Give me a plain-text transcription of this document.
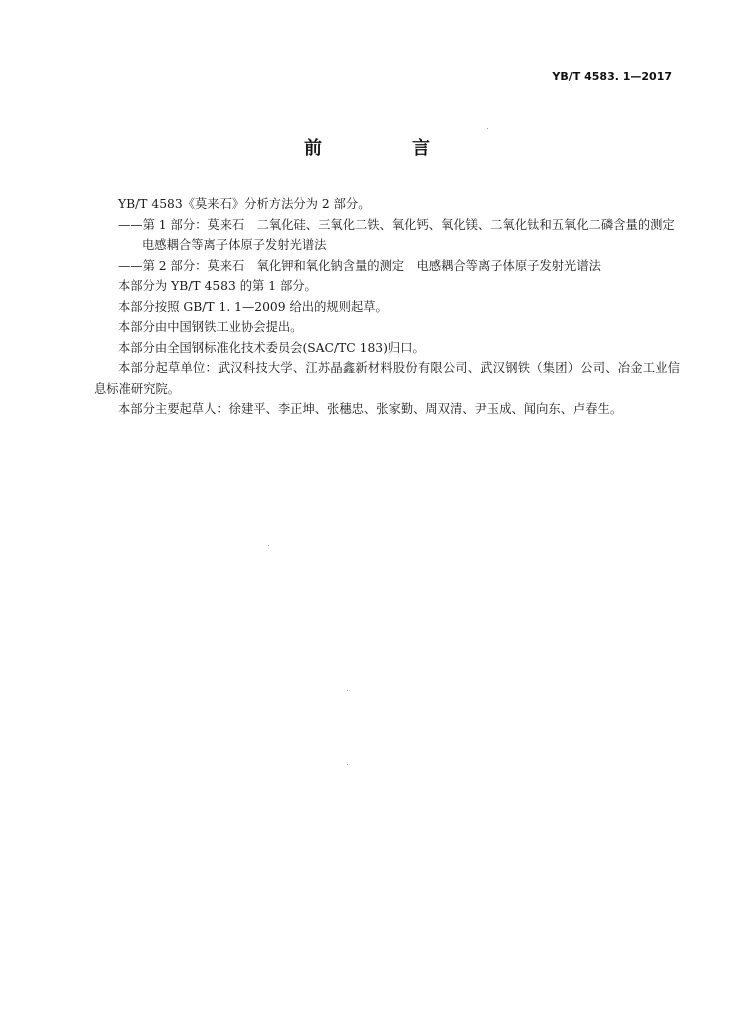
YB/T 4583. 1—2017
前　言

YB/T 4583《莫来石》分析方法分为 2 部分。

——第 1 部分：莫来石　二氧化硅、三氧化二铁、氧化钙、氧化镁、二氧化钛和五氧化二磷含量的测定

电感耦合等离子体原子发射光谱法

——第 2 部分：莫来石　氧化钾和氧化钠含量的测定　电感耦合等离子体原子发射光谱法

本部分为 YB/T 4583 的第 1 部分。

本部分按照 GB/T 1. 1—2009 给出的规则起草。

本部分由中国钢铁工业协会提出。

本部分由全国钢标准化技术委员会(SAC/TC 183)归口。

本部分起草单位：武汉科技大学、江苏晶鑫新材料股份有限公司、武汉钢铁（集团）公司、冶金工业信息标准研究院。

本部分主要起草人：徐建平、李正坤、张穗忠、张家勤、周双清、尹玉成、闻向东、卢春生。
